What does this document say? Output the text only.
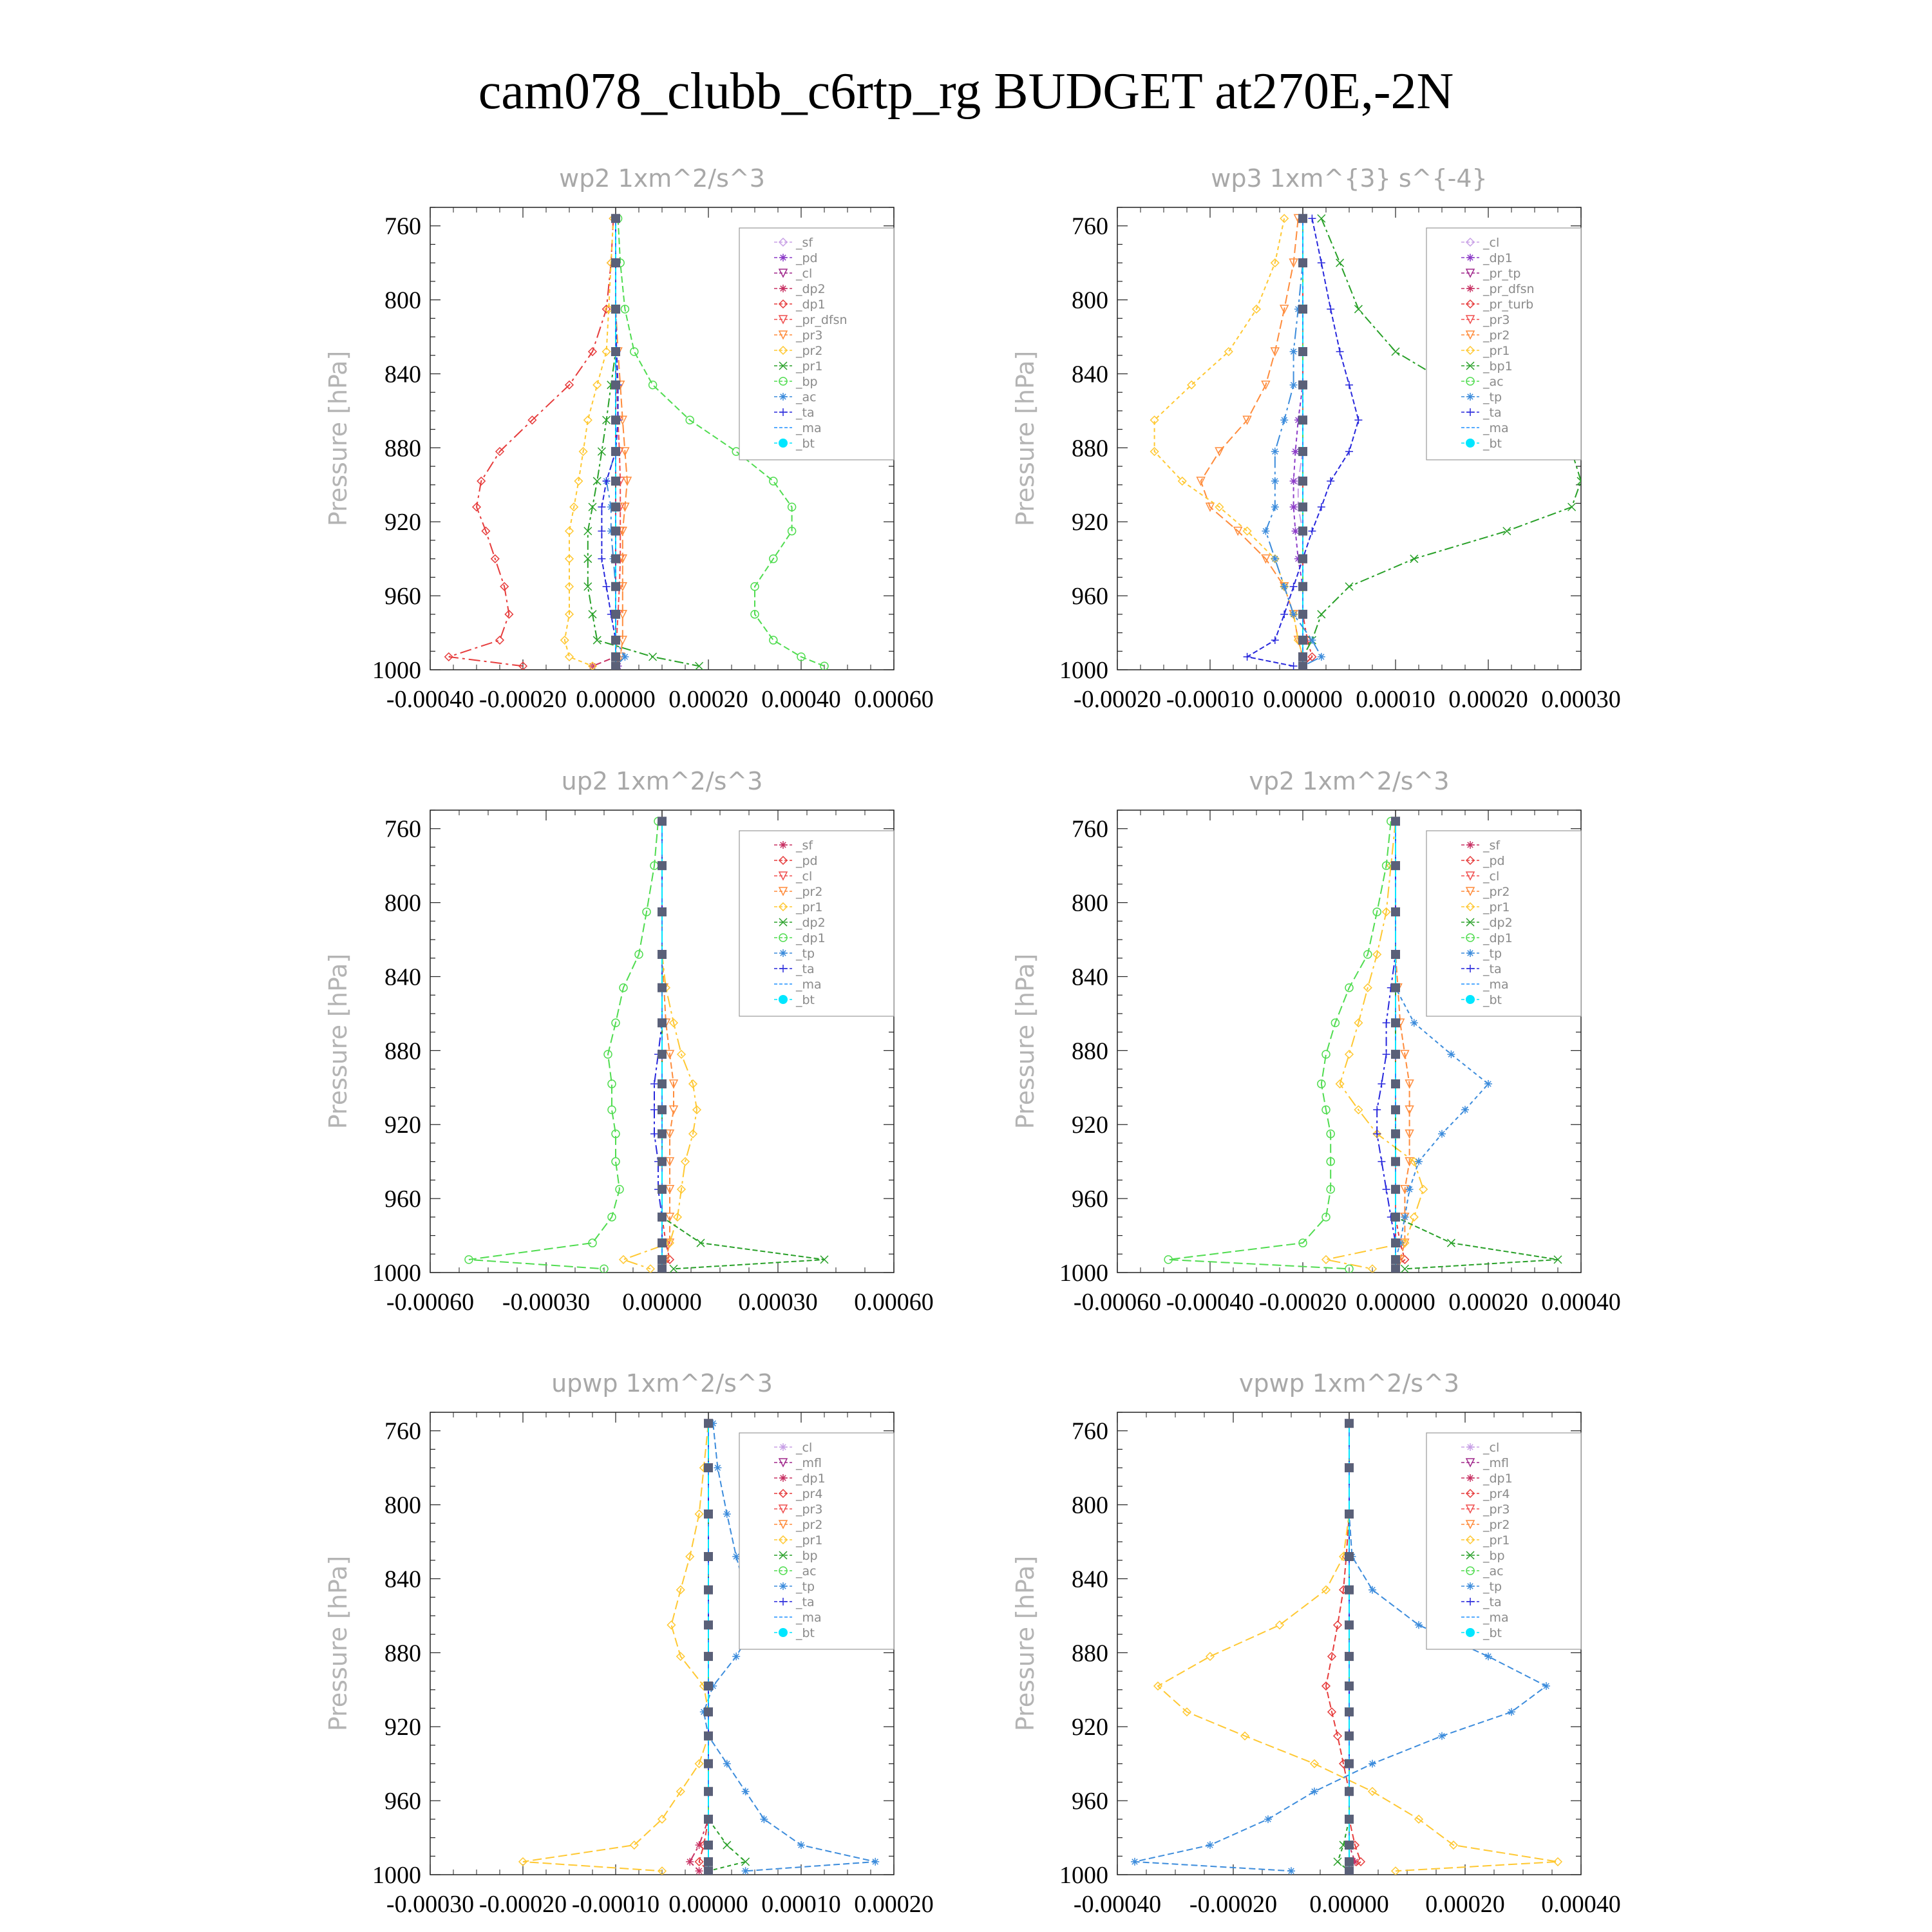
cam078_clubb_c6rtp_rg BUDGET at270E,-2N
wp2 1xm^2/s^3
Pressure [hPa]
760
800
840
880
920
960
1000
-0.00040 -0.00020 0.00000 0.00020 0.00040 0.00060
_sf
_pd
_cl
_dp2
_dp1
_pr_dfsn
_pr3
_pr2
_pr1
_bp
_ac
_ta
_ma
_bt
wp3 1xm^{3} s^{-4}
Pressure [hPa]
760
800
840
880
920
960
1000
-0.00020 -0.00010 0.00000 0.00010 0.00020 0.00030
_cl
_dp1
_pr_tp
_pr_dfsn
_pr_turb
_pr3
_pr2
_pr1
_bp1
_ac
_tp
_ta
_ma
_bt
up2 1xm^2/s^3
Pressure [hPa]
760
800
840
880
920
960
1000
-0.00060 -0.00030 0.00000 0.00030 0.00060
_sf
_pd
_cl
_pr2
_pr1
_dp2
_dp1
_tp
_ta
_ma
_bt
vp2 1xm^2/s^3
Pressure [hPa]
760
800
840
880
920
960
1000
-0.00060 -0.00040 -0.00020 0.00000 0.00020 0.00040
_sf
_pd
_cl
_pr2
_pr1
_dp2
_dp1
_tp
_ta
_ma
_bt
upwp 1xm^2/s^3
Pressure [hPa]
760
800
840
880
920
960
1000
-0.00030 -0.00020 -0.00010 0.00000 0.00010 0.00020
_cl
_mfl
_dp1
_pr4
_pr3
_pr2
_pr1
_bp
_ac
_tp
_ta
_ma
_bt
vpwp 1xm^2/s^3
Pressure [hPa]
760
800
840
880
920
960
1000
-0.00040 -0.00020 0.00000 0.00020 0.00040
_cl
_mfl
_dp1
_pr4
_pr3
_pr2
_pr1
_bp
_ac
_tp
_ta
_ma
_bt
